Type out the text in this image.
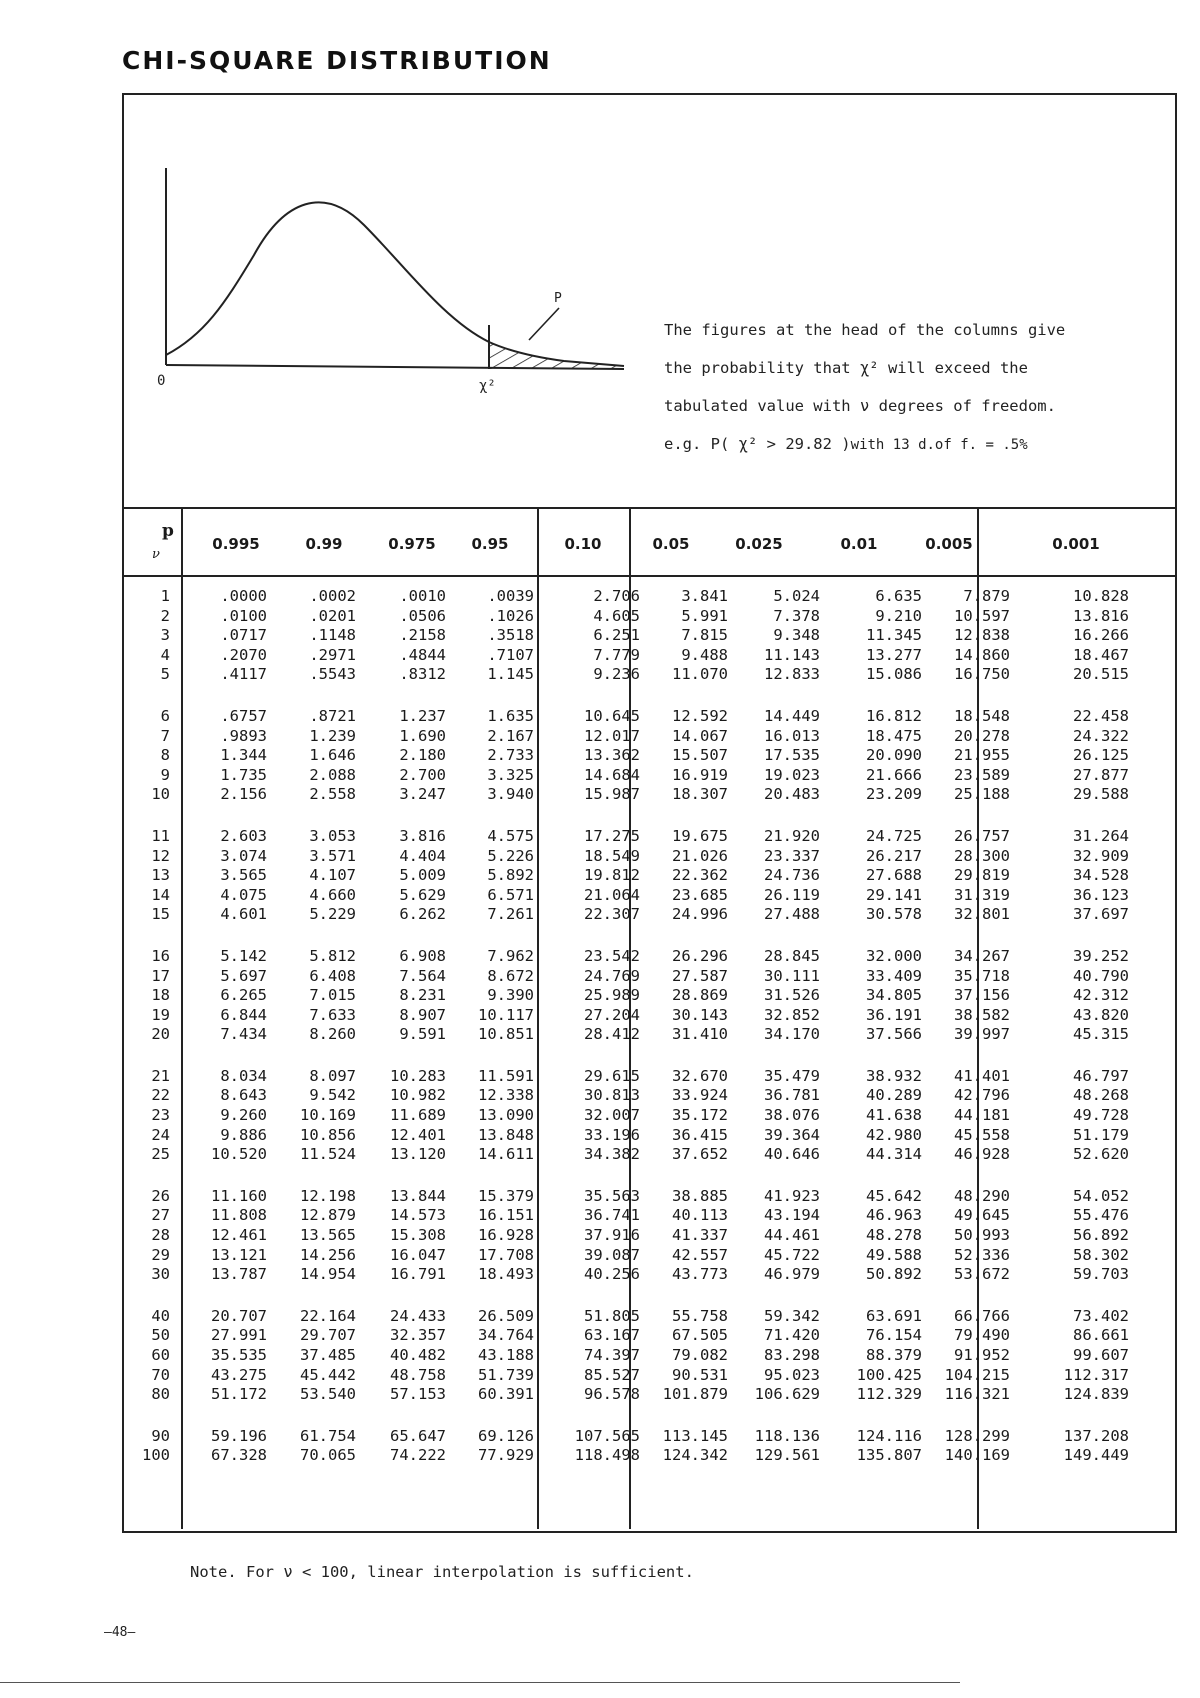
CHI-SQUARE DISTRIBUTION
P
0	χ²
The figures at the head of the columns give
the probability that χ² will exceed the
tabulated value with ν degrees of freedom.
e.g. P( χ² > 29.82 )with 13 d.of f. = .5%
p
ν
0.995	0.99	0.975	0.95	0.10	0.05	0.025	0.01	0.005	0.001
1	.0000	.0002	.0010	.0039	2.706	3.841	5.024	6.635	7.879	10.828
2	.0100	.0201	.0506	.1026	4.605	5.991	7.378	9.210	10.597	13.816
3	.0717	.1148	.2158	.3518	6.251	7.815	9.348	11.345	12.838	16.266
4	.2070	.2971	.4844	.7107	7.779	9.488	11.143	13.277	14.860	18.467
5	.4117	.5543	.8312	1.145	9.236	11.070	12.833	15.086	16.750	20.515
6	.6757	.8721	1.237	1.635	10.645	12.592	14.449	16.812	18.548	22.458
7	.9893	1.239	1.690	2.167	12.017	14.067	16.013	18.475	20.278	24.322
8	1.344	1.646	2.180	2.733	13.362	15.507	17.535	20.090	21.955	26.125
9	1.735	2.088	2.700	3.325	14.684	16.919	19.023	21.666	23.589	27.877
10	2.156	2.558	3.247	3.940	15.987	18.307	20.483	23.209	25.188	29.588
11	2.603	3.053	3.816	4.575	17.275	19.675	21.920	24.725	26.757	31.264
12	3.074	3.571	4.404	5.226	18.549	21.026	23.337	26.217	28.300	32.909
13	3.565	4.107	5.009	5.892	19.812	22.362	24.736	27.688	29.819	34.528
14	4.075	4.660	5.629	6.571	21.064	23.685	26.119	29.141	31.319	36.123
15	4.601	5.229	6.262	7.261	22.307	24.996	27.488	30.578	32.801	37.697
16	5.142	5.812	6.908	7.962	23.542	26.296	28.845	32.000	34.267	39.252
17	5.697	6.408	7.564	8.672	24.769	27.587	30.111	33.409	35.718	40.790
18	6.265	7.015	8.231	9.390	25.989	28.869	31.526	34.805	37.156	42.312
19	6.844	7.633	8.907	10.117	27.204	30.143	32.852	36.191	38.582	43.820
20	7.434	8.260	9.591	10.851	28.412	31.410	34.170	37.566	39.997	45.315
21	8.034	8.097	10.283	11.591	29.615	32.670	35.479	38.932	41.401	46.797
22	8.643	9.542	10.982	12.338	30.813	33.924	36.781	40.289	42.796	48.268
23	9.260	10.169	11.689	13.090	32.007	35.172	38.076	41.638	44.181	49.728
24	9.886	10.856	12.401	13.848	33.196	36.415	39.364	42.980	45.558	51.179
25	10.520	11.524	13.120	14.611	34.382	37.652	40.646	44.314	46.928	52.620
26	11.160	12.198	13.844	15.379	35.563	38.885	41.923	45.642	48.290	54.052
27	11.808	12.879	14.573	16.151	36.741	40.113	43.194	46.963	49.645	55.476
28	12.461	13.565	15.308	16.928	37.916	41.337	44.461	48.278	50.993	56.892
29	13.121	14.256	16.047	17.708	39.087	42.557	45.722	49.588	52.336	58.302
30	13.787	14.954	16.791	18.493	40.256	43.773	46.979	50.892	53.672	59.703
40	20.707	22.164	24.433	26.509	51.805	55.758	59.342	63.691	66.766	73.402
50	27.991	29.707	32.357	34.764	63.167	67.505	71.420	76.154	79.490	86.661
60	35.535	37.485	40.482	43.188	74.397	79.082	83.298	88.379	91.952	99.607
70	43.275	45.442	48.758	51.739	85.527	90.531	95.023	100.425	104.215	112.317
80	51.172	53.540	57.153	60.391	96.578	101.879	106.629	112.329	116.321	124.839
90	59.196	61.754	65.647	69.126	107.565	113.145	118.136	124.116	128.299	137.208
100	67.328	70.065	74.222	77.929	118.498	124.342	129.561	135.807	140.169	149.449
Note. For ν < 100, linear interpolation is sufficient.
—48—
